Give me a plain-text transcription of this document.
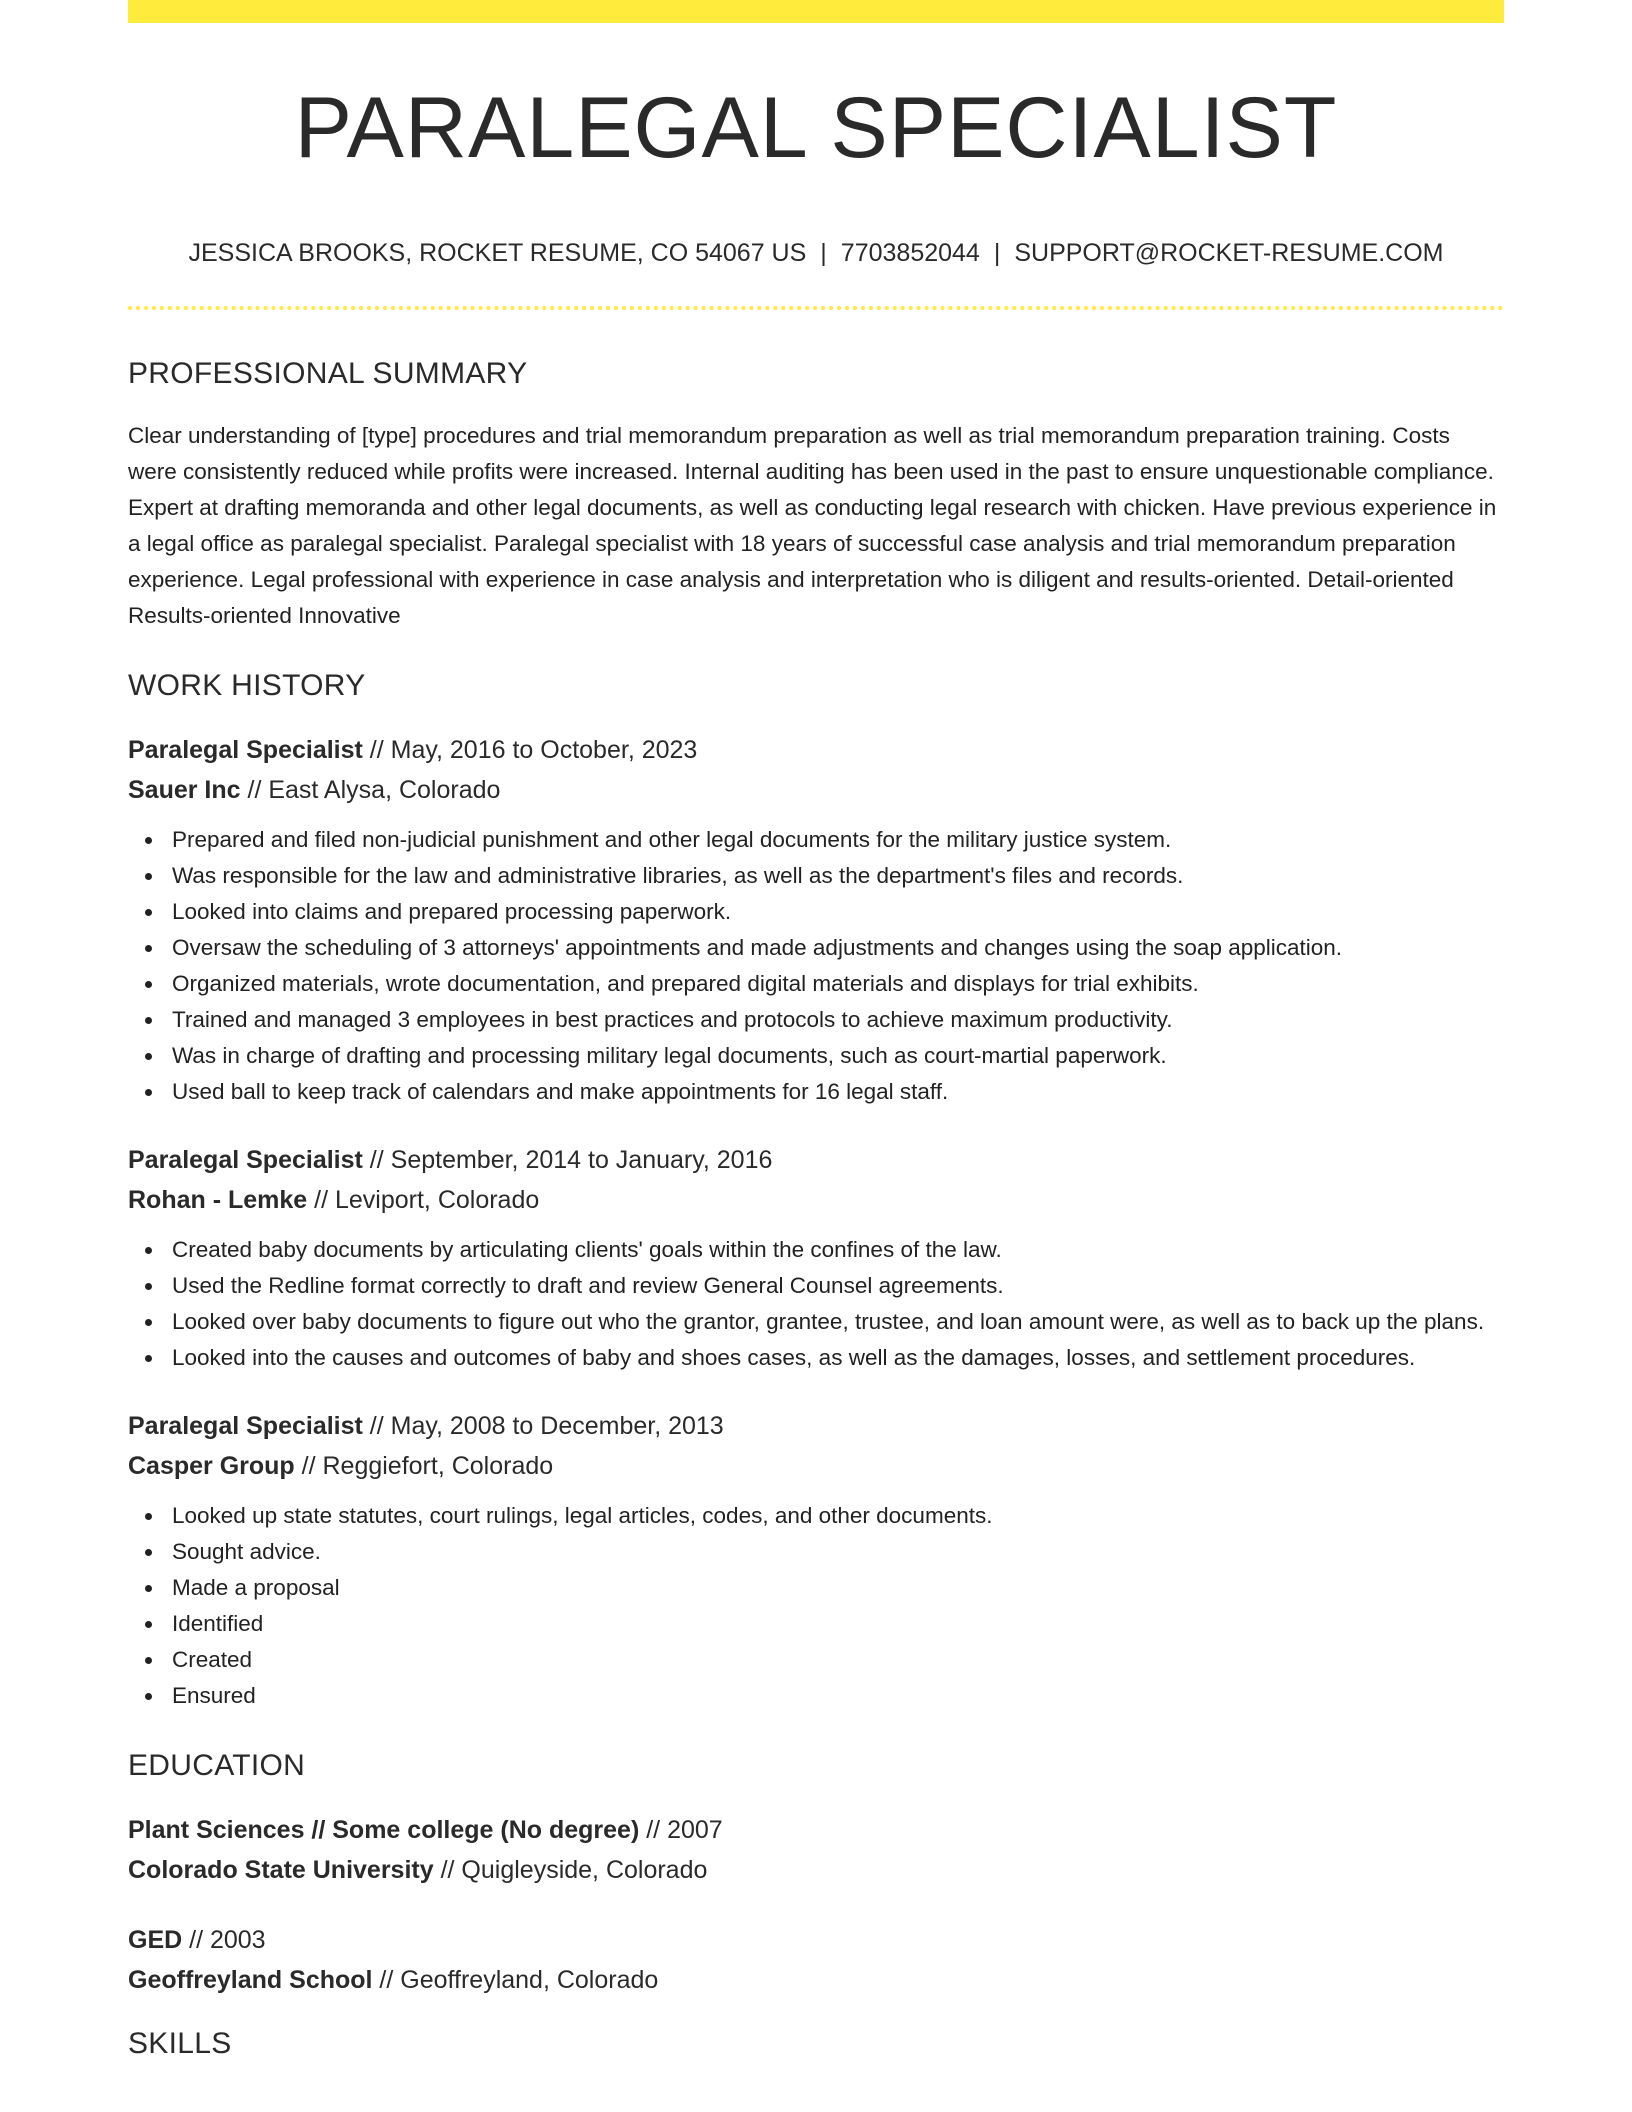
PARALEGAL SPECIALIST
JESSICA BROOKS, ROCKET RESUME, CO 54067 US | 7703852044 | SUPPORT@ROCKET-RESUME.COM
PROFESSIONAL SUMMARY
Clear understanding of [type] procedures and trial memorandum preparation as well as trial memorandum preparation training. Costs were consistently reduced while profits were increased. Internal auditing has been used in the past to ensure unquestionable compliance. Expert at drafting memoranda and other legal documents, as well as conducting legal research with chicken. Have previous experience in a legal office as paralegal specialist. Paralegal specialist with 18 years of successful case analysis and trial memorandum preparation experience. Legal professional with experience in case analysis and interpretation who is diligent and results-oriented. Detail-oriented Results-oriented Innovative
WORK HISTORY
Paralegal Specialist // May, 2016 to October, 2023
Sauer Inc // East Alysa, Colorado
Prepared and filed non-judicial punishment and other legal documents for the military justice system.
Was responsible for the law and administrative libraries, as well as the department's files and records.
Looked into claims and prepared processing paperwork.
Oversaw the scheduling of 3 attorneys' appointments and made adjustments and changes using the soap application.
Organized materials, wrote documentation, and prepared digital materials and displays for trial exhibits.
Trained and managed 3 employees in best practices and protocols to achieve maximum productivity.
Was in charge of drafting and processing military legal documents, such as court-martial paperwork.
Used ball to keep track of calendars and make appointments for 16 legal staff.
Paralegal Specialist // September, 2014 to January, 2016
Rohan - Lemke // Leviport, Colorado
Created baby documents by articulating clients' goals within the confines of the law.
Used the Redline format correctly to draft and review General Counsel agreements.
Looked over baby documents to figure out who the grantor, grantee, trustee, and loan amount were, as well as to back up the plans.
Looked into the causes and outcomes of baby and shoes cases, as well as the damages, losses, and settlement procedures.
Paralegal Specialist // May, 2008 to December, 2013
Casper Group // Reggiefort, Colorado
Looked up state statutes, court rulings, legal articles, codes, and other documents.
Sought advice.
Made a proposal
Identified
Created
Ensured
EDUCATION
Plant Sciences // Some college (No degree) // 2007
Colorado State University // Quigleyside, Colorado
GED // 2003
Geoffreyland School // Geoffreyland, Colorado
SKILLS
